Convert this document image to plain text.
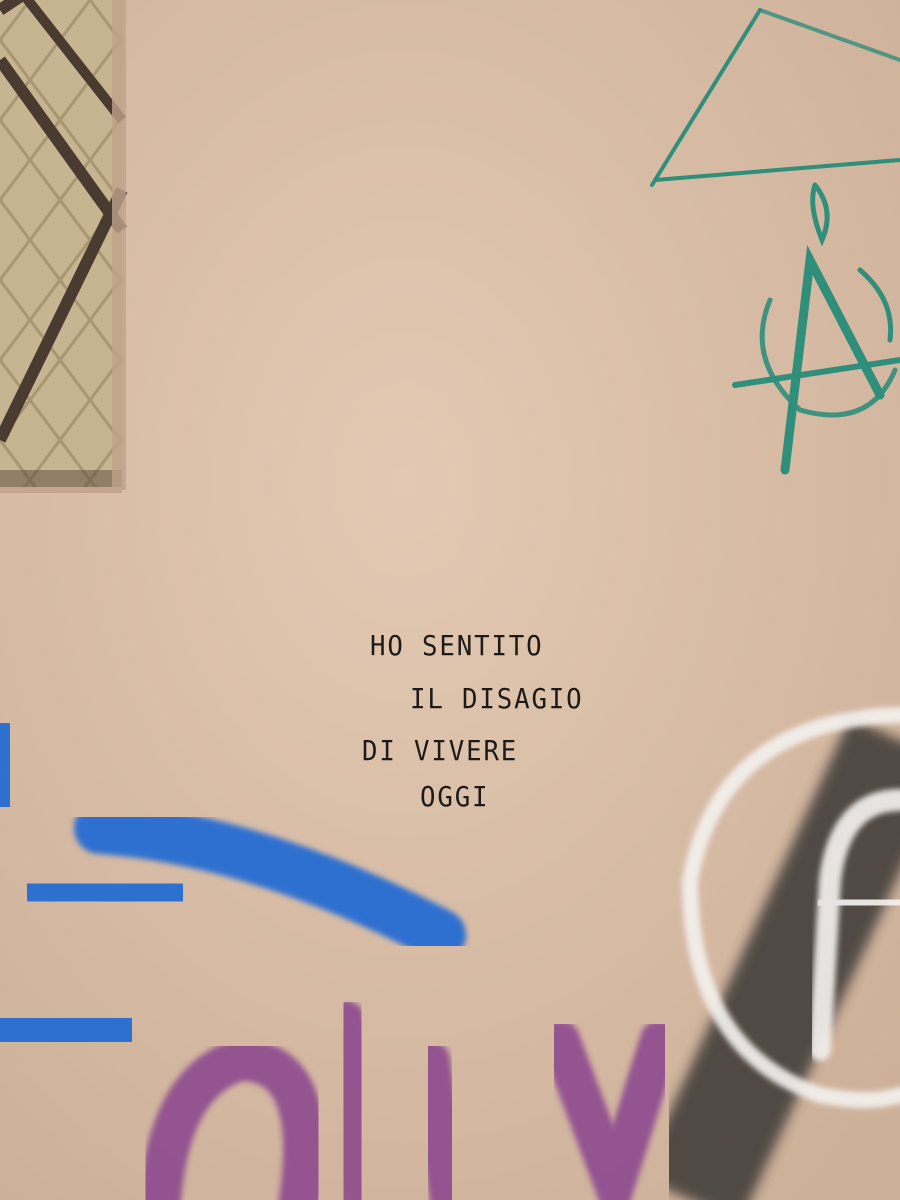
HO SENTITO
IL DISAGIO
DI VIVERE
OGGI
